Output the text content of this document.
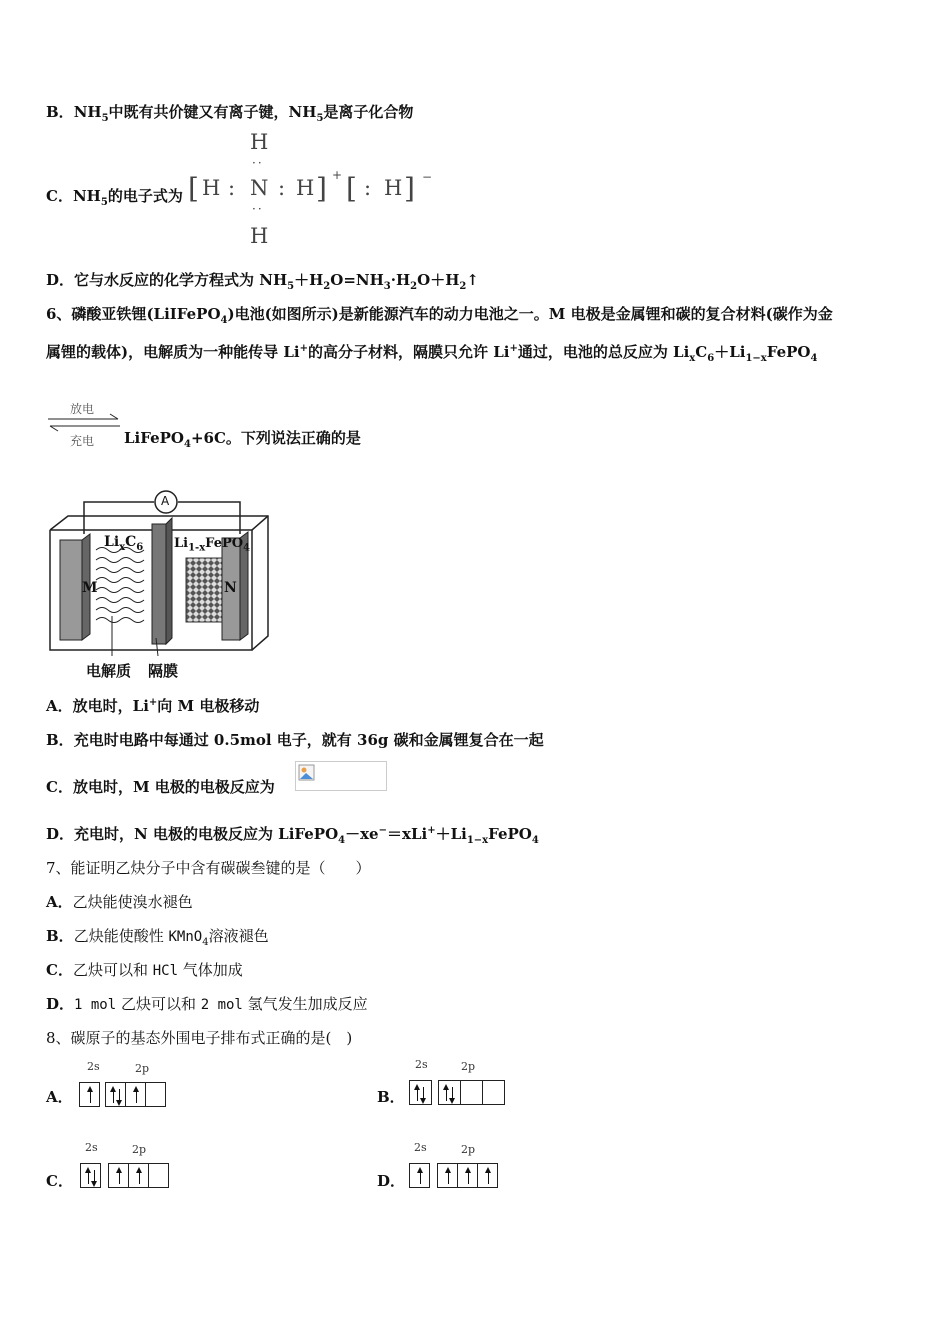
B．$NH_5$中既有共价键又有离子键，$NH_5$是离子化合物
C．$NH_5$的电子式为
H
··
[ H : N : H ] + [ : H ] −
··
H
D．它与水反应的化学方程式为 $NH_5+H_2O=NH_3\cdot H_2O+H_2↑$
6、磷酸亚铁锂(LiIFePO$_4$)电池(如图所示)是新能源汽车的动力电池之一。M 电极是金属锂和碳的复合材料(碳作为金
属锂的载体)，电解质为一种能传导 Li+的高分子材料，隔膜只允许 Li+通过，电池的总反应为 $Li_xC_6+Li_{1-x}FePO_4$
放电
充电 LiFePO$_4$+6C。下列说法正确的是
A
$Li_xC_6$ $Li_{1-x}FePO_4$
M	N
电解质 隔膜
A．放电时，Li+向 M 电极移动
B．充电时电路中每通过 0.5mol 电子，就有 36g 碳和金属锂复合在一起
C．放电时，M 电极的电极反应为
D．充电时，N 电极的电极反应为 $LiFePO_4-xe^-=xLi^++Li_{1-x}FePO_4$
7、能证明乙炔分子中含有碳碳叁键的是（　　）
A．乙炔能使溴水褪色
B．乙炔能使酸性 KMnO$_4$溶液褪色
C．乙炔可以和 HCl 气体加成
D．1 mol 乙炔可以和 2 mol 氢气发生加成反应
8、碳原子的基态外围电子排布式正确的是(　)
A．
2s	2p
B．
2s	2p
C．
2s	2p
D．
2s	2p
